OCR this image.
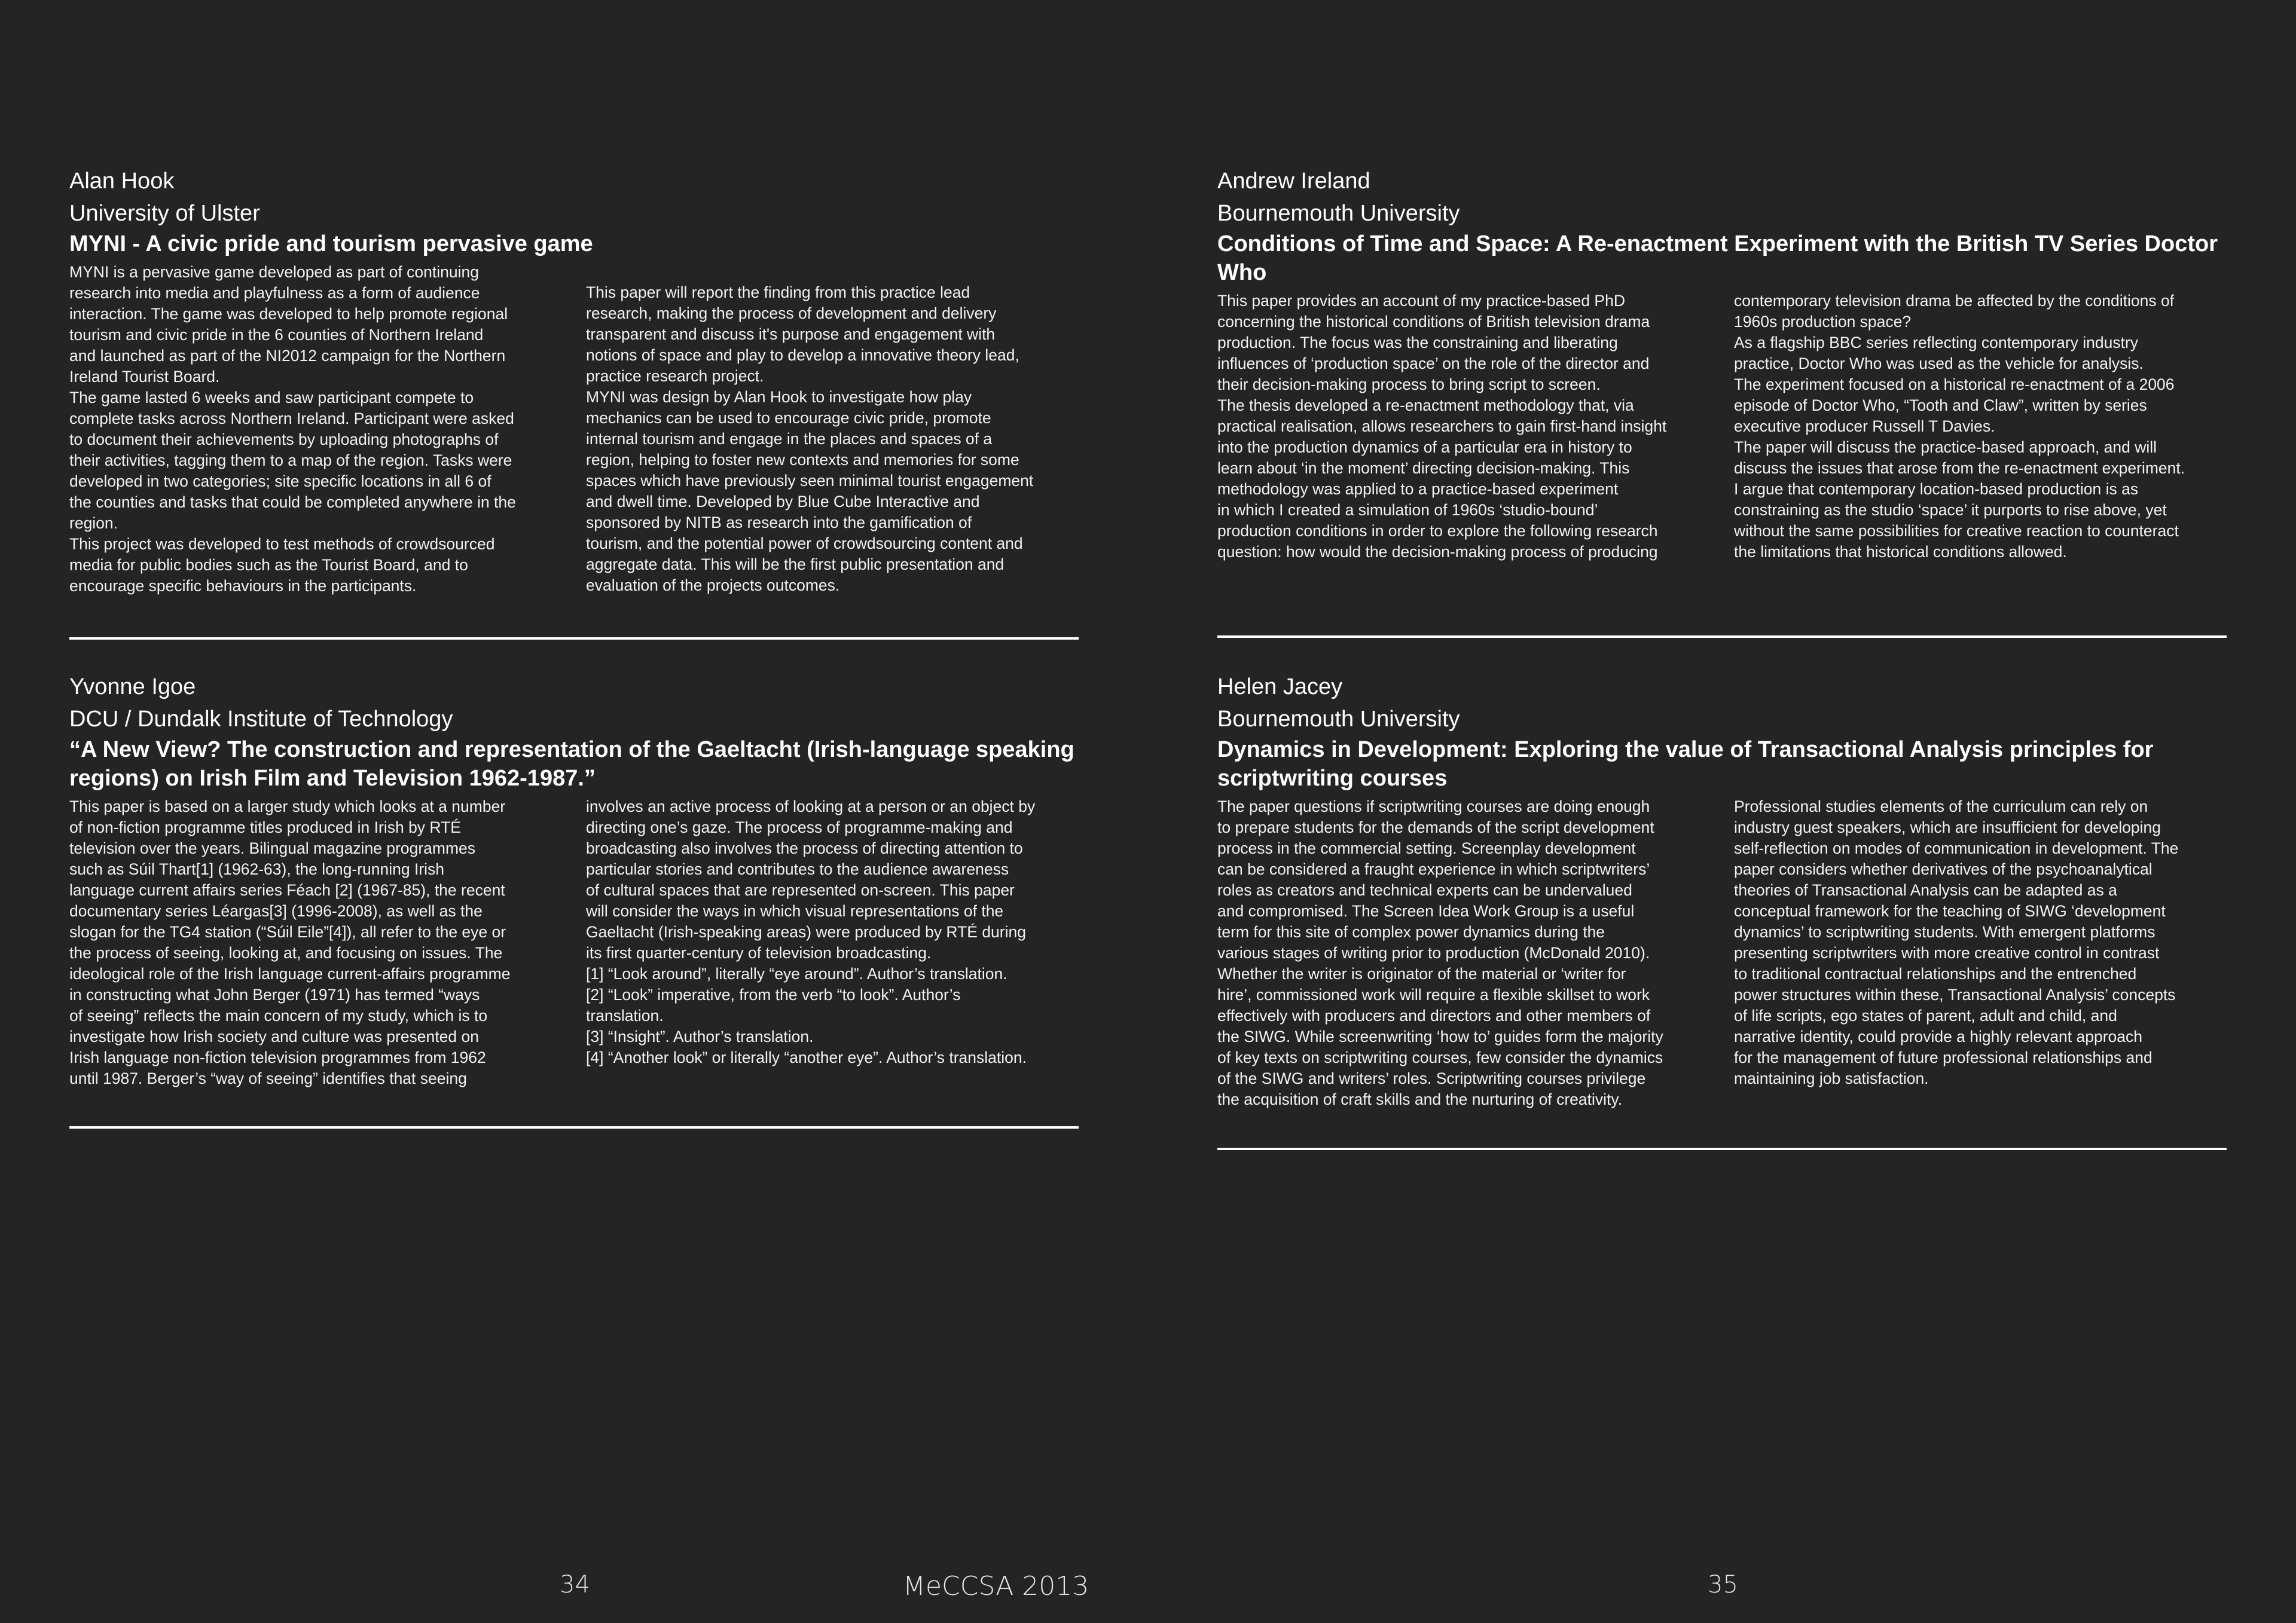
Alan Hook
University of Ulster
MYNI - A civic pride and tourism pervasive game

MYNI is a pervasive game developed as part of continuing
research into media and playfulness as a form of audience
interaction. The game was developed to help promote regional
tourism and civic pride in the 6 counties of Northern Ireland
and launched as part of the NI2012 campaign for the Northern
Ireland Tourist Board.
The game lasted 6 weeks and saw participant compete to
complete tasks across Northern Ireland. Participant were asked
to document their achievements by uploading photographs of
their activities, tagging them to a map of the region. Tasks were
developed in two categories; site specific locations in all 6 of
the counties and tasks that could be completed anywhere in the
region.
This project was developed to test methods of crowdsourced
media for public bodies such as the Tourist Board, and to
encourage specific behaviours in the participants.

This paper will report the finding from this practice lead
research, making the process of development and delivery
transparent and discuss it's purpose and engagement with
notions of space and play to develop a innovative theory lead,
practice research project.
MYNI was design by Alan Hook to investigate how play
mechanics can be used to encourage civic pride, promote
internal tourism and engage in the places and spaces of a
region, helping to foster new contexts and memories for some
spaces which have previously seen minimal tourist engagement
and dwell time. Developed by Blue Cube Interactive and
sponsored by NITB as research into the gamification of
tourism, and the potential power of crowdsourcing content and
aggregate data. This will be the first public presentation and
evaluation of the projects outcomes.

Yvonne Igoe
DCU / Dundalk Institute of Technology
“A New View? The construction and representation of the Gaeltacht (Irish-language speaking regions) on Irish Film and Television 1962-1987.”

This paper is based on a larger study which looks at a number
of non-fiction programme titles produced in Irish by RTÉ
television over the years. Bilingual magazine programmes
such as Súil Thart[1] (1962-63), the long-running Irish
language current affairs series Féach [2] (1967-85), the recent
documentary series Léargas[3] (1996-2008), as well as the
slogan for the TG4 station (“Súil Eile”[4]), all refer to the eye or
the process of seeing, looking at, and focusing on issues. The
ideological role of the Irish language current-affairs programme
in constructing what John Berger (1971) has termed “ways
of seeing” reflects the main concern of my study, which is to
investigate how Irish society and culture was presented on
Irish language non-fiction television programmes from 1962
until 1987. Berger’s “way of seeing” identifies that seeing

involves an active process of looking at a person or an object by
directing one’s gaze. The process of programme-making and
broadcasting also involves the process of directing attention to
particular stories and contributes to the audience awareness
of cultural spaces that are represented on-screen. This paper
will consider the ways in which visual representations of the
Gaeltacht (Irish-speaking areas) were produced by RTÉ during
its first quarter-century of television broadcasting.
[1] “Look around”, literally “eye around”. Author’s translation.
[2] “Look” imperative, from the verb “to look”. Author’s
translation.
[3] “Insight”. Author’s translation.
[4] “Another look” or literally “another eye”. Author’s translation.

34	MeCCSA 2013
Andrew Ireland
Bournemouth University
Conditions of Time and Space: A Re-enactment Experiment with the British TV Series Doctor Who

This paper provides an account of my practice-based PhD
concerning the historical conditions of British television drama
production. The focus was the constraining and liberating
influences of ‘production space’ on the role of the director and
their decision-making process to bring script to screen.
The thesis developed a re-enactment methodology that, via
practical realisation, allows researchers to gain first-hand insight
into the production dynamics of a particular era in history to
learn about ‘in the moment’ directing decision-making. This
methodology was applied to a practice-based experiment
in which I created a simulation of 1960s ‘studio-bound’
production conditions in order to explore the following research
question: how would the decision-making process of producing

contemporary television drama be affected by the conditions of
1960s production space?
As a flagship BBC series reflecting contemporary industry
practice, Doctor Who was used as the vehicle for analysis.
The experiment focused on a historical re-enactment of a 2006
episode of Doctor Who, “Tooth and Claw”, written by series
executive producer Russell T Davies.
The paper will discuss the practice-based approach, and will
discuss the issues that arose from the re-enactment experiment.
I argue that contemporary location-based production is as
constraining as the studio ‘space’ it purports to rise above, yet
without the same possibilities for creative reaction to counteract
the limitations that historical conditions allowed.

Helen Jacey
Bournemouth University
Dynamics in Development: Exploring the value of Transactional Analysis principles for scriptwriting courses

The paper questions if scriptwriting courses are doing enough
to prepare students for the demands of the script development
process in the commercial setting. Screenplay development
can be considered a fraught experience in which scriptwriters’
roles as creators and technical experts can be undervalued
and compromised. The Screen Idea Work Group is a useful
term for this site of complex power dynamics during the
various stages of writing prior to production (McDonald 2010).
Whether the writer is originator of the material or ‘writer for
hire’, commissioned work will require a flexible skillset to work
effectively with producers and directors and other members of
the SIWG. While screenwriting ‘how to’ guides form the majority
of key texts on scriptwriting courses, few consider the dynamics
of the SIWG and writers’ roles. Scriptwriting courses privilege
the acquisition of craft skills and the nurturing of creativity.

Professional studies elements of the curriculum can rely on
industry guest speakers, which are insufficient for developing
self-reflection on modes of communication in development. The
paper considers whether derivatives of the psychoanalytical
theories of Transactional Analysis can be adapted as a
conceptual framework for the teaching of SIWG ‘development
dynamics’ to scriptwriting students. With emergent platforms
presenting scriptwriters with more creative control in contrast
to traditional contractual relationships and the entrenched
power structures within these, Transactional Analysis’ concepts
of life scripts, ego states of parent, adult and child, and
narrative identity, could provide a highly relevant approach
for the management of future professional relationships and
maintaining job satisfaction.

35
